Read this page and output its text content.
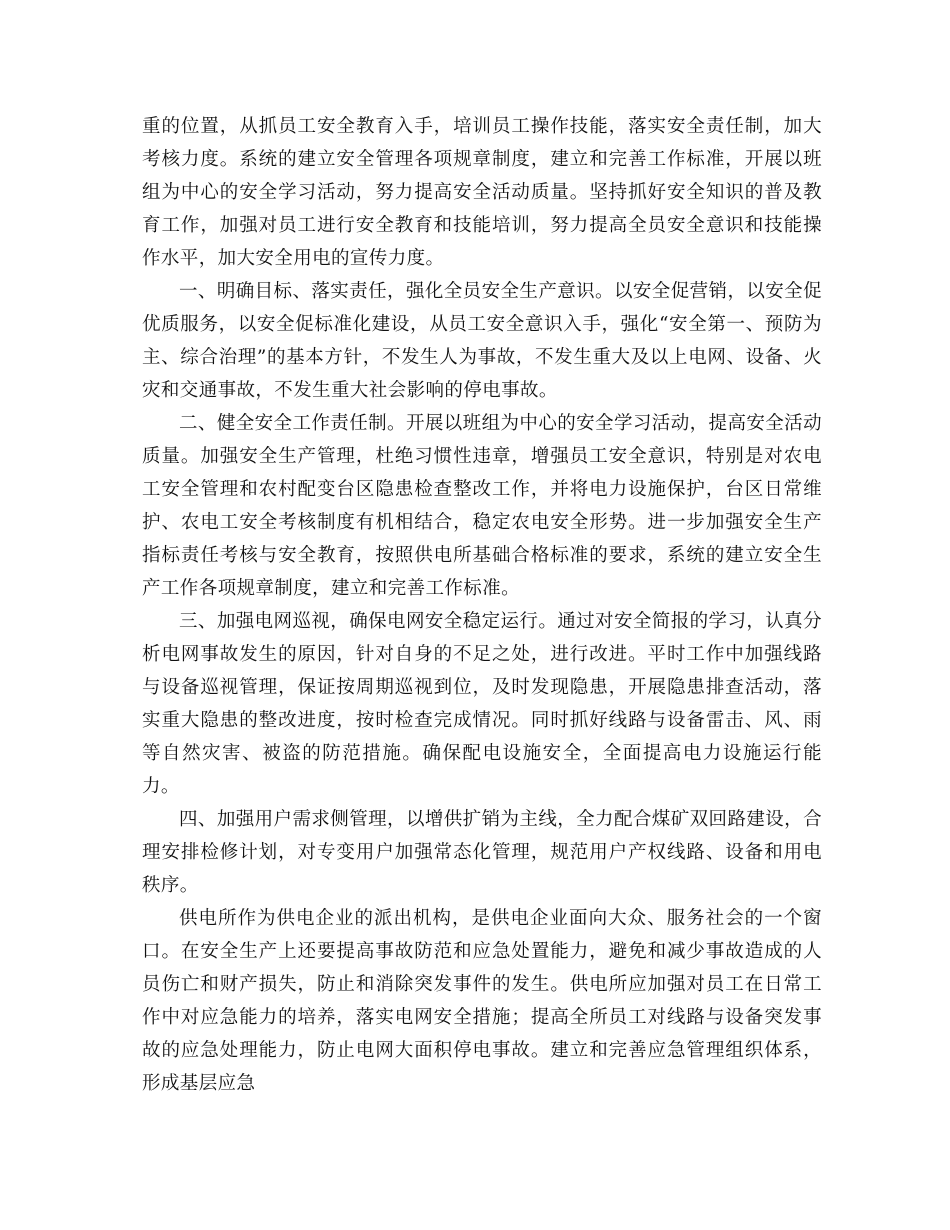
重的位置，从抓员工安全教育入手，培训员工操作技能，落实安全责任制，加大考核力度。系统的建立安全管理各项规章制度，建立和完善工作标准，开展以班组为中心的安全学习活动，努力提高安全活动质量。坚持抓好安全知识的普及教育工作，加强对员工进行安全教育和技能培训，努力提高全员安全意识和技能操作水平，加大安全用电的宣传力度。

一、明确目标、落实责任，强化全员安全生产意识。以安全促营销，以安全促优质服务，以安全促标准化建设，从员工安全意识入手，强化“安全第一、预防为主、综合治理”的基本方针，不发生人为事故，不发生重大及以上电网、设备、火灾和交通事故，不发生重大社会影响的停电事故。

二、健全安全工作责任制。开展以班组为中心的安全学习活动，提高安全活动质量。加强安全生产管理，杜绝习惯性违章，增强员工安全意识，特别是对农电工安全管理和农村配变台区隐患检查整改工作，并将电力设施保护，台区日常维护、农电工安全考核制度有机相结合，稳定农电安全形势。进一步加强安全生产指标责任考核与安全教育，按照供电所基础合格标准的要求，系统的建立安全生产工作各项规章制度，建立和完善工作标准。

三、加强电网巡视，确保电网安全稳定运行。通过对安全简报的学习，认真分析电网事故发生的原因，针对自身的不足之处，进行改进。平时工作中加强线路与设备巡视管理，保证按周期巡视到位，及时发现隐患，开展隐患排查活动，落实重大隐患的整改进度，按时检查完成情况。同时抓好线路与设备雷击、风、雨等自然灾害、被盗的防范措施。确保配电设施安全，全面提高电力设施运行能力。

四、加强用户需求侧管理，以增供扩销为主线，全力配合煤矿双回路建设，合理安排检修计划，对专变用户加强常态化管理，规范用户产权线路、设备和用电秩序。

供电所作为供电企业的派出机构，是供电企业面向大众、服务社会的一个窗口。在安全生产上还要提高事故防范和应急处置能力，避免和减少事故造成的人员伤亡和财产损失，防止和消除突发事件的发生。供电所应加强对员工在日常工作中对应急能力的培养，落实电网安全措施；提高全所员工对线路与设备突发事故的应急处理能力，防止电网大面积停电事故。建立和完善应急管理组织体系，形成基层应急
